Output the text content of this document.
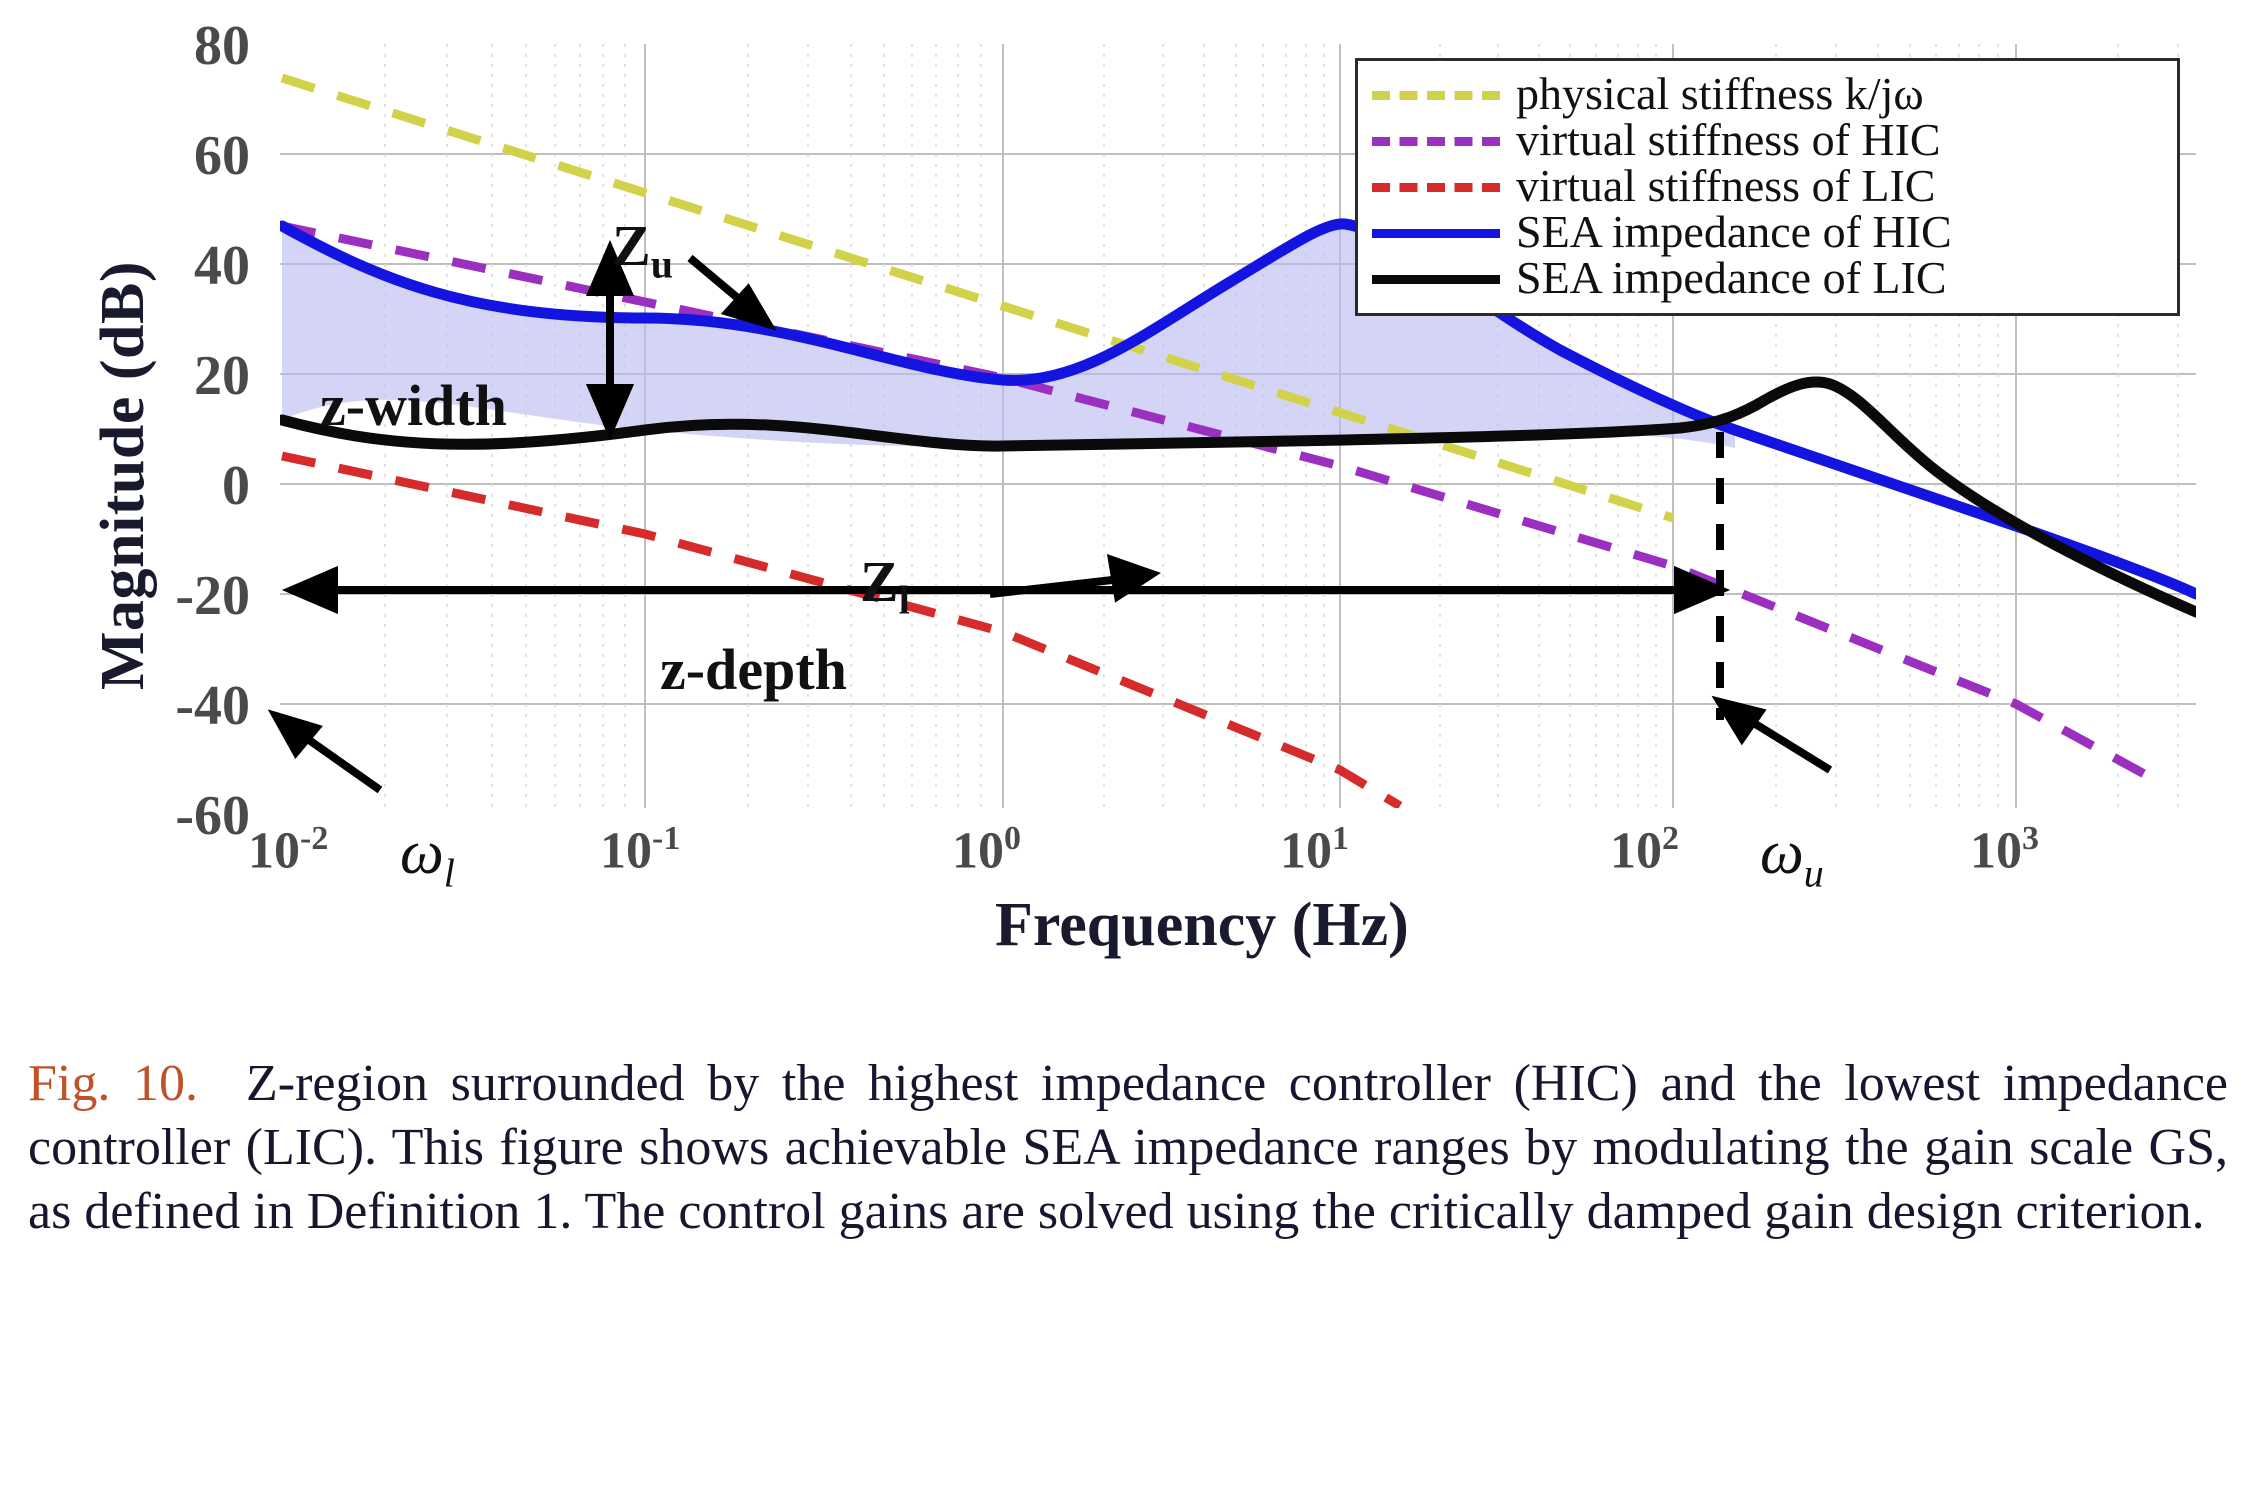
Magnitude (dB)
80
60
40
20
0
-20
-40
-60
$10^{-2}$	$10^{-1}$	$10^0$	$10^1$	$10^2$	$10^3$
Frequency (Hz)
$\omega_l$	$\omega_u$
$Z_u$
$Z_l$
z-width
z-depth
physical stiffness k/jω
virtual stiffness of HIC
virtual stiffness of LIC
SEA impedance of HIC
SEA impedance of LIC
Fig. 10. Z-region surrounded by the highest impedance controller (HIC) and the lowest impedance controller (LIC). This figure shows achievable SEA impedance ranges by modulating the gain scale GS, as defined in Definition 1. The control gains are solved using the critically damped gain design criterion.
